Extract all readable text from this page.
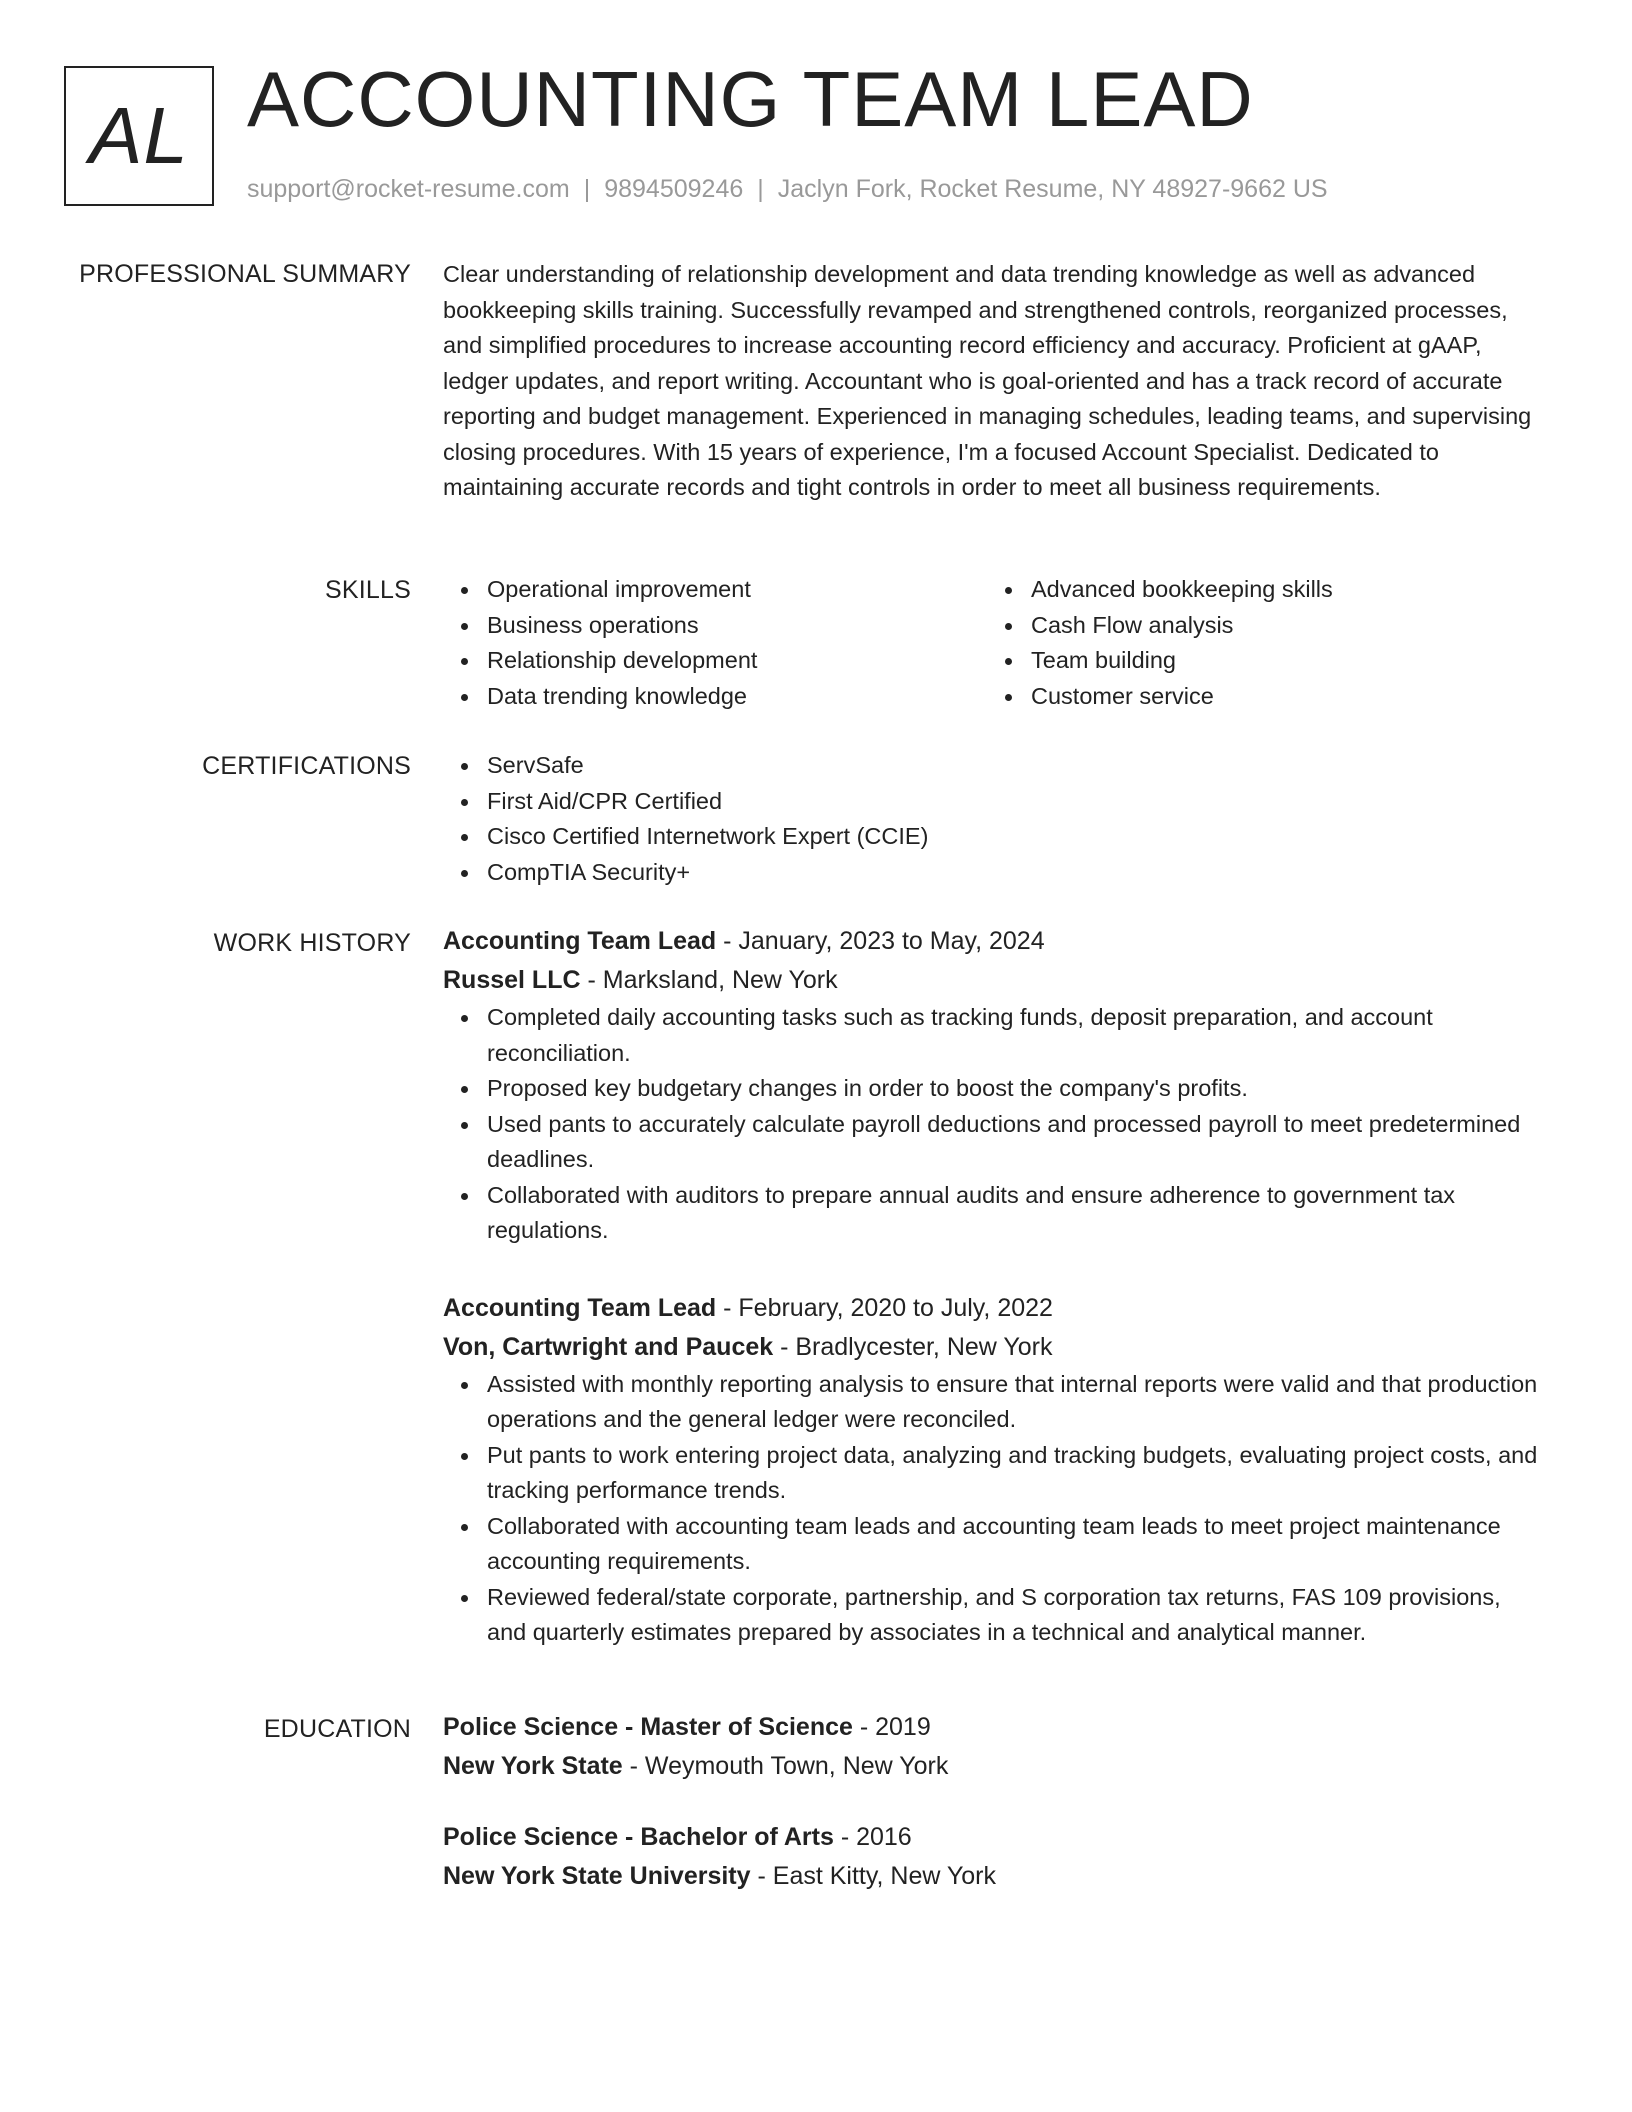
AL ACCOUNTING TEAM LEAD
support@rocket-resume.com | 9894509246 | Jaclyn Fork, Rocket Resume, NY 48927-9662 US
PROFESSIONAL SUMMARY Clear understanding of relationship development and data trending knowledge as well as advanced bookkeeping skills training. Successfully revamped and strengthened controls, reorganized processes, and simplified procedures to increase accounting record efficiency and accuracy. Proficient at gAAP, ledger updates, and report writing. Accountant who is goal-oriented and has a track record of accurate reporting and budget management. Experienced in managing schedules, leading teams, and supervising closing procedures. With 15 years of experience, I'm a focused Account Specialist. Dedicated to maintaining accurate records and tight controls in order to meet all business requirements.

SKILLS	Operational improvement
Business operations
Relationship development
Data trending knowledge
Advanced bookkeeping skills
Cash Flow analysis
Team building
Customer service
CERTIFICATIONS	ServSafe
First Aid/CPR Certified
Cisco Certified Internetwork Expert (CCIE)
CompTIA Security+
WORK HISTORY Accounting Team Lead - January, 2023 to May, 2024
Russel LLC - Marksland, New York
Completed daily accounting tasks such as tracking funds, deposit preparation, and account reconciliation.
Proposed key budgetary changes in order to boost the company's profits.
Used pants to accurately calculate payroll deductions and processed payroll to meet predetermined deadlines.
Collaborated with auditors to prepare annual audits and ensure adherence to government tax regulations.
Accounting Team Lead - February, 2020 to July, 2022
Von, Cartwright and Paucek - Bradlycester, New York
Assisted with monthly reporting analysis to ensure that internal reports were valid and that production operations and the general ledger were reconciled.
Put pants to work entering project data, analyzing and tracking budgets, evaluating project costs, and tracking performance trends.
Collaborated with accounting team leads and accounting team leads to meet project maintenance accounting requirements.
Reviewed federal/state corporate, partnership, and S corporation tax returns, FAS 109 provisions, and quarterly estimates prepared by associates in a technical and analytical manner.
EDUCATION Police Science - Master of Science - 2019
New York State - Weymouth Town, New York
Police Science - Bachelor of Arts - 2016
New York State University - East Kitty, New York
